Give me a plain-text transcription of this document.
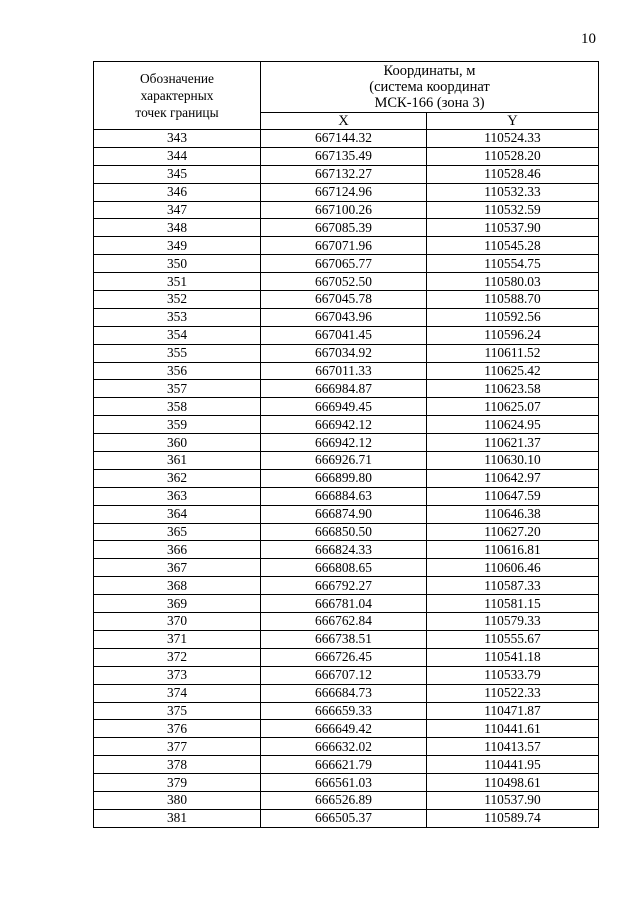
10
Обозначение
характерных
точек границы	Координаты, м
(система координат
МСК-166 (зона 3)	

	X	Y
343	667144.32	110524.33
344	667135.49	110528.20
345	667132.27	110528.46
346	667124.96	110532.33
347	667100.26	110532.59
348	667085.39	110537.90
349	667071.96	110545.28
350	667065.77	110554.75
351	667052.50	110580.03
352	667045.78	110588.70
353	667043.96	110592.56
354	667041.45	110596.24
355	667034.92	110611.52
356	667011.33	110625.42
357	666984.87	110623.58
358	666949.45	110625.07
359	666942.12	110624.95
360	666942.12	110621.37
361	666926.71	110630.10
362	666899.80	110642.97
363	666884.63	110647.59
364	666874.90	110646.38
365	666850.50	110627.20
366	666824.33	110616.81
367	666808.65	110606.46
368	666792.27	110587.33
369	666781.04	110581.15
370	666762.84	110579.33
371	666738.51	110555.67
372	666726.45	110541.18
373	666707.12	110533.79
374	666684.73	110522.33
375	666659.33	110471.87
376	666649.42	110441.61
377	666632.02	110413.57
378	666621.79	110441.95
379	666561.03	110498.61
380	666526.89	110537.90
381	666505.37	110589.74
